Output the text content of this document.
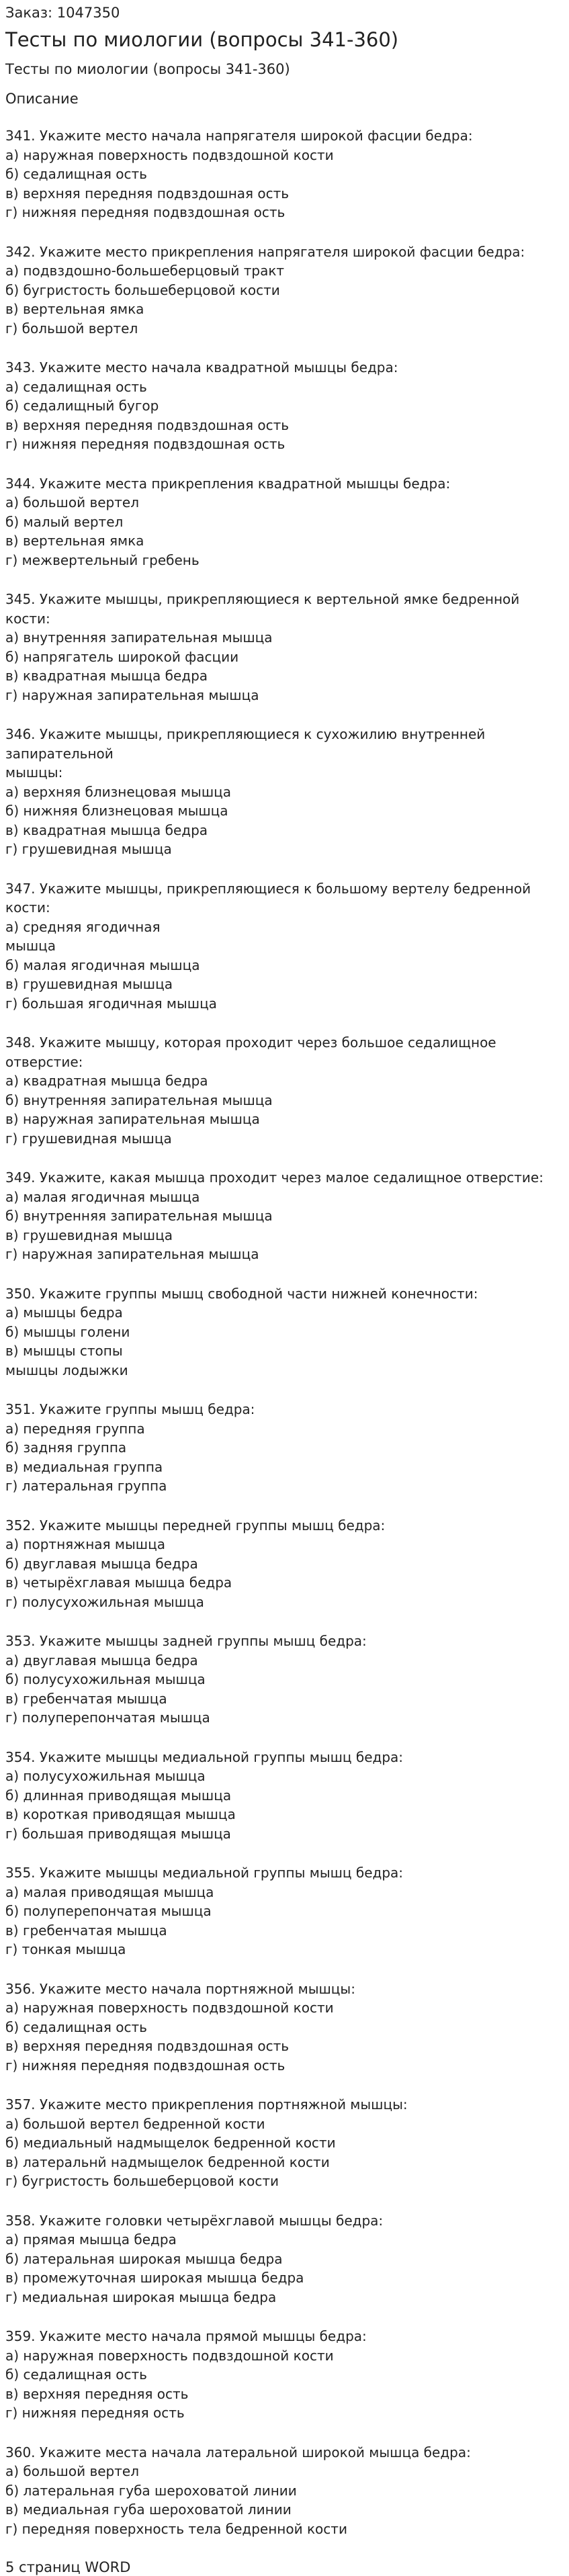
Заказ: 1047350

Тесты по миологии (вопросы 341-360)

Тесты по миологии (вопросы 341-360)

Описание

341. Укажите место начала напрягателя широкой фасции бедра:

а) наружная поверхность подвздошной кости

б) седалищная ость

в) верхняя передняя подвздошная ость

г) нижняя передняя подвздошная ость

342. Укажите место прикрепления напрягателя широкой фасции бедра:

а) подвздошно-большеберцовый тракт

б) бугристость большеберцовой кости

в) вертельная ямка

г) большой вертел

343. Укажите место начала квадратной мышцы бедра:

а) седалищная ость

б) седалищный бугор

в) верхняя передняя подвздошная ость

г) нижняя передняя подвздошная ость

344. Укажите места прикрепления квадратной мышцы бедра:

а) большой вертел

б) малый вертел

в) вертельная ямка

г) межвертельный гребень

345. Укажите мышцы, прикрепляющиеся к вертельной ямке бедренной кости:

а) внутренняя запирательная мышца

б) напрягатель широкой фасции

в) квадратная мышца бедра

г) наружная запирательная мышца

346. Укажите мышцы, прикрепляющиеся к сухожилию внутренней
запирательной
мышцы:

а) верхняя близнецовая мышца

б) нижняя близнецовая мышца

в) квадратная мышца бедра

г) грушевидная мышца

347. Укажите мышцы, прикрепляющиеся к большому вертелу бедренной кости:

а) средняя ягодичная
мышца

б) малая ягодичная мышца

в) грушевидная мышца

г) большая ягодичная мышца

348. Укажите мышцу, которая проходит через большое седалищное отверстие:

а) квадратная мышца бедра

б) внутренняя запирательная мышца

в) наружная запирательная мышца

г) грушевидная мышца

349. Укажите, какая мышца проходит через малое седалищное отверстие:

а) малая ягодичная мышца

б) внутренняя запирательная мышца

в) грушевидная мышца

г) наружная запирательная мышца

350. Укажите группы мышц свободной части нижней конечности:

а) мышцы бедра

б) мышцы голени

в) мышцы стопы

мышцы лодыжки

351. Укажите группы мышц бедра:

а) передняя группа

б) задняя группа

в) медиальная группа

г) латеральная группа

352. Укажите мышцы передней группы мышц бедра:

а) портняжная мышца

б) двуглавая мышца бедра

в) четырёхглавая мышца бедра

г) полусухожильная мышца

353. Укажите мышцы задней группы мышц бедра:

а) двуглавая мышца бедра

б) полусухожильная мышца

в) гребенчатая мышца

г) полуперепончатая мышца

354. Укажите мышцы медиальной группы мышц бедра:

а) полусухожильная мышца

б) длинная приводящая мышца

в) короткая приводящая мышца

г) большая приводящая мышца

355. Укажите мышцы медиальной группы мышц бедра:

а) малая приводящая мышца

б) полуперепончатая мышца

в) гребенчатая мышца

г) тонкая мышца

356. Укажите место начала портняжной мышцы:

а) наружная поверхность подвздошной кости

б) седалищная ость

в) верхняя передняя подвздошная ость

г) нижняя передняя подвздошная ость

357. Укажите место прикрепления портняжной мышцы:

а) большой вертел бедренной кости

б) медиальный надмыщелок бедренной кости

в) латеральнй надмыщелок бедренной кости

г) бугристость большеберцовой кости

358. Укажите головки четырёхглавой мышцы бедра:

а) прямая мышца бедра

б) латеральная широкая мышца бедра

в) промежуточная широкая мышца бедра

г) медиальная широкая мышца бедра

359. Укажите место начала прямой мышцы бедра:

а) наружная поверхность подвздошной кости

б) седалищная ость

в) верхняя передняя ость

г) нижняя передняя ость

360. Укажите места начала латеральной широкой мышца бедра:

а) большой вертел

б) латеральная губа шероховатой линии

в) медиальная губа шероховатой линии

г) передняя поверхность тела бедренной кости

5 страниц WORD
